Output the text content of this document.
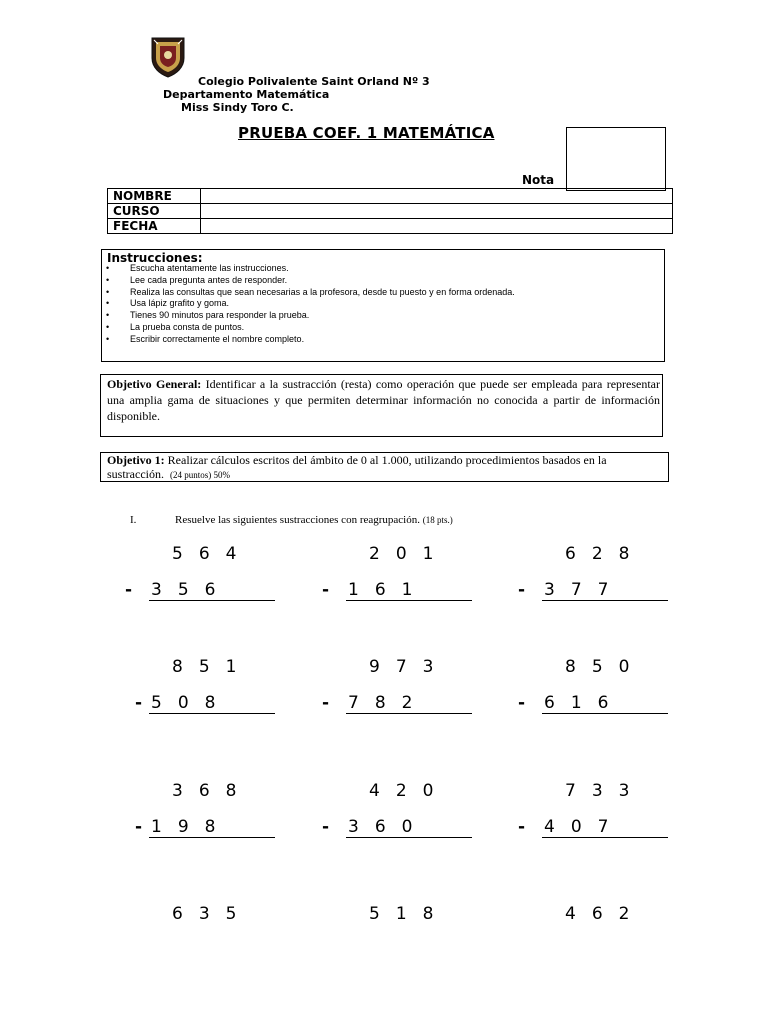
Colegio Polivalente Saint Orland Nº 3
Departamento Matemática
Miss Sindy Toro C.
PRUEBA COEF. 1 MATEMÁTICA
Nota
NOMBRE	
CURSO	
FECHA	
Instrucciones:
• Escucha atentamente las instrucciones.
• Lee cada pregunta antes de responder.
• Realiza las consultas que sean necesarias a la profesora, desde tu puesto y en forma ordenada.
• Usa lápiz grafito y goma.
• Tienes 90 minutos para responder la prueba.
• La prueba consta de puntos.
• Escribir correctamente el nombre completo.
Objetivo General: Identificar a la sustracción (resta) como operación que puede ser empleada para representar una amplia gama de situaciones y que permiten determinar información no conocida a partir de información disponible.
Objetivo 1: Realizar cálculos escritos del ámbito de 0 al 1.000, utilizando procedimientos basados en la sustracción. (24 puntos) 50%
I.	Resuelve las siguientes sustracciones con reagrupación. (18 pts.)
564
- 356
201
- 161
628
- 377
851
- 508
973
- 782
850
- 616
368
- 198
420
- 360
733
- 407
635	518	462
